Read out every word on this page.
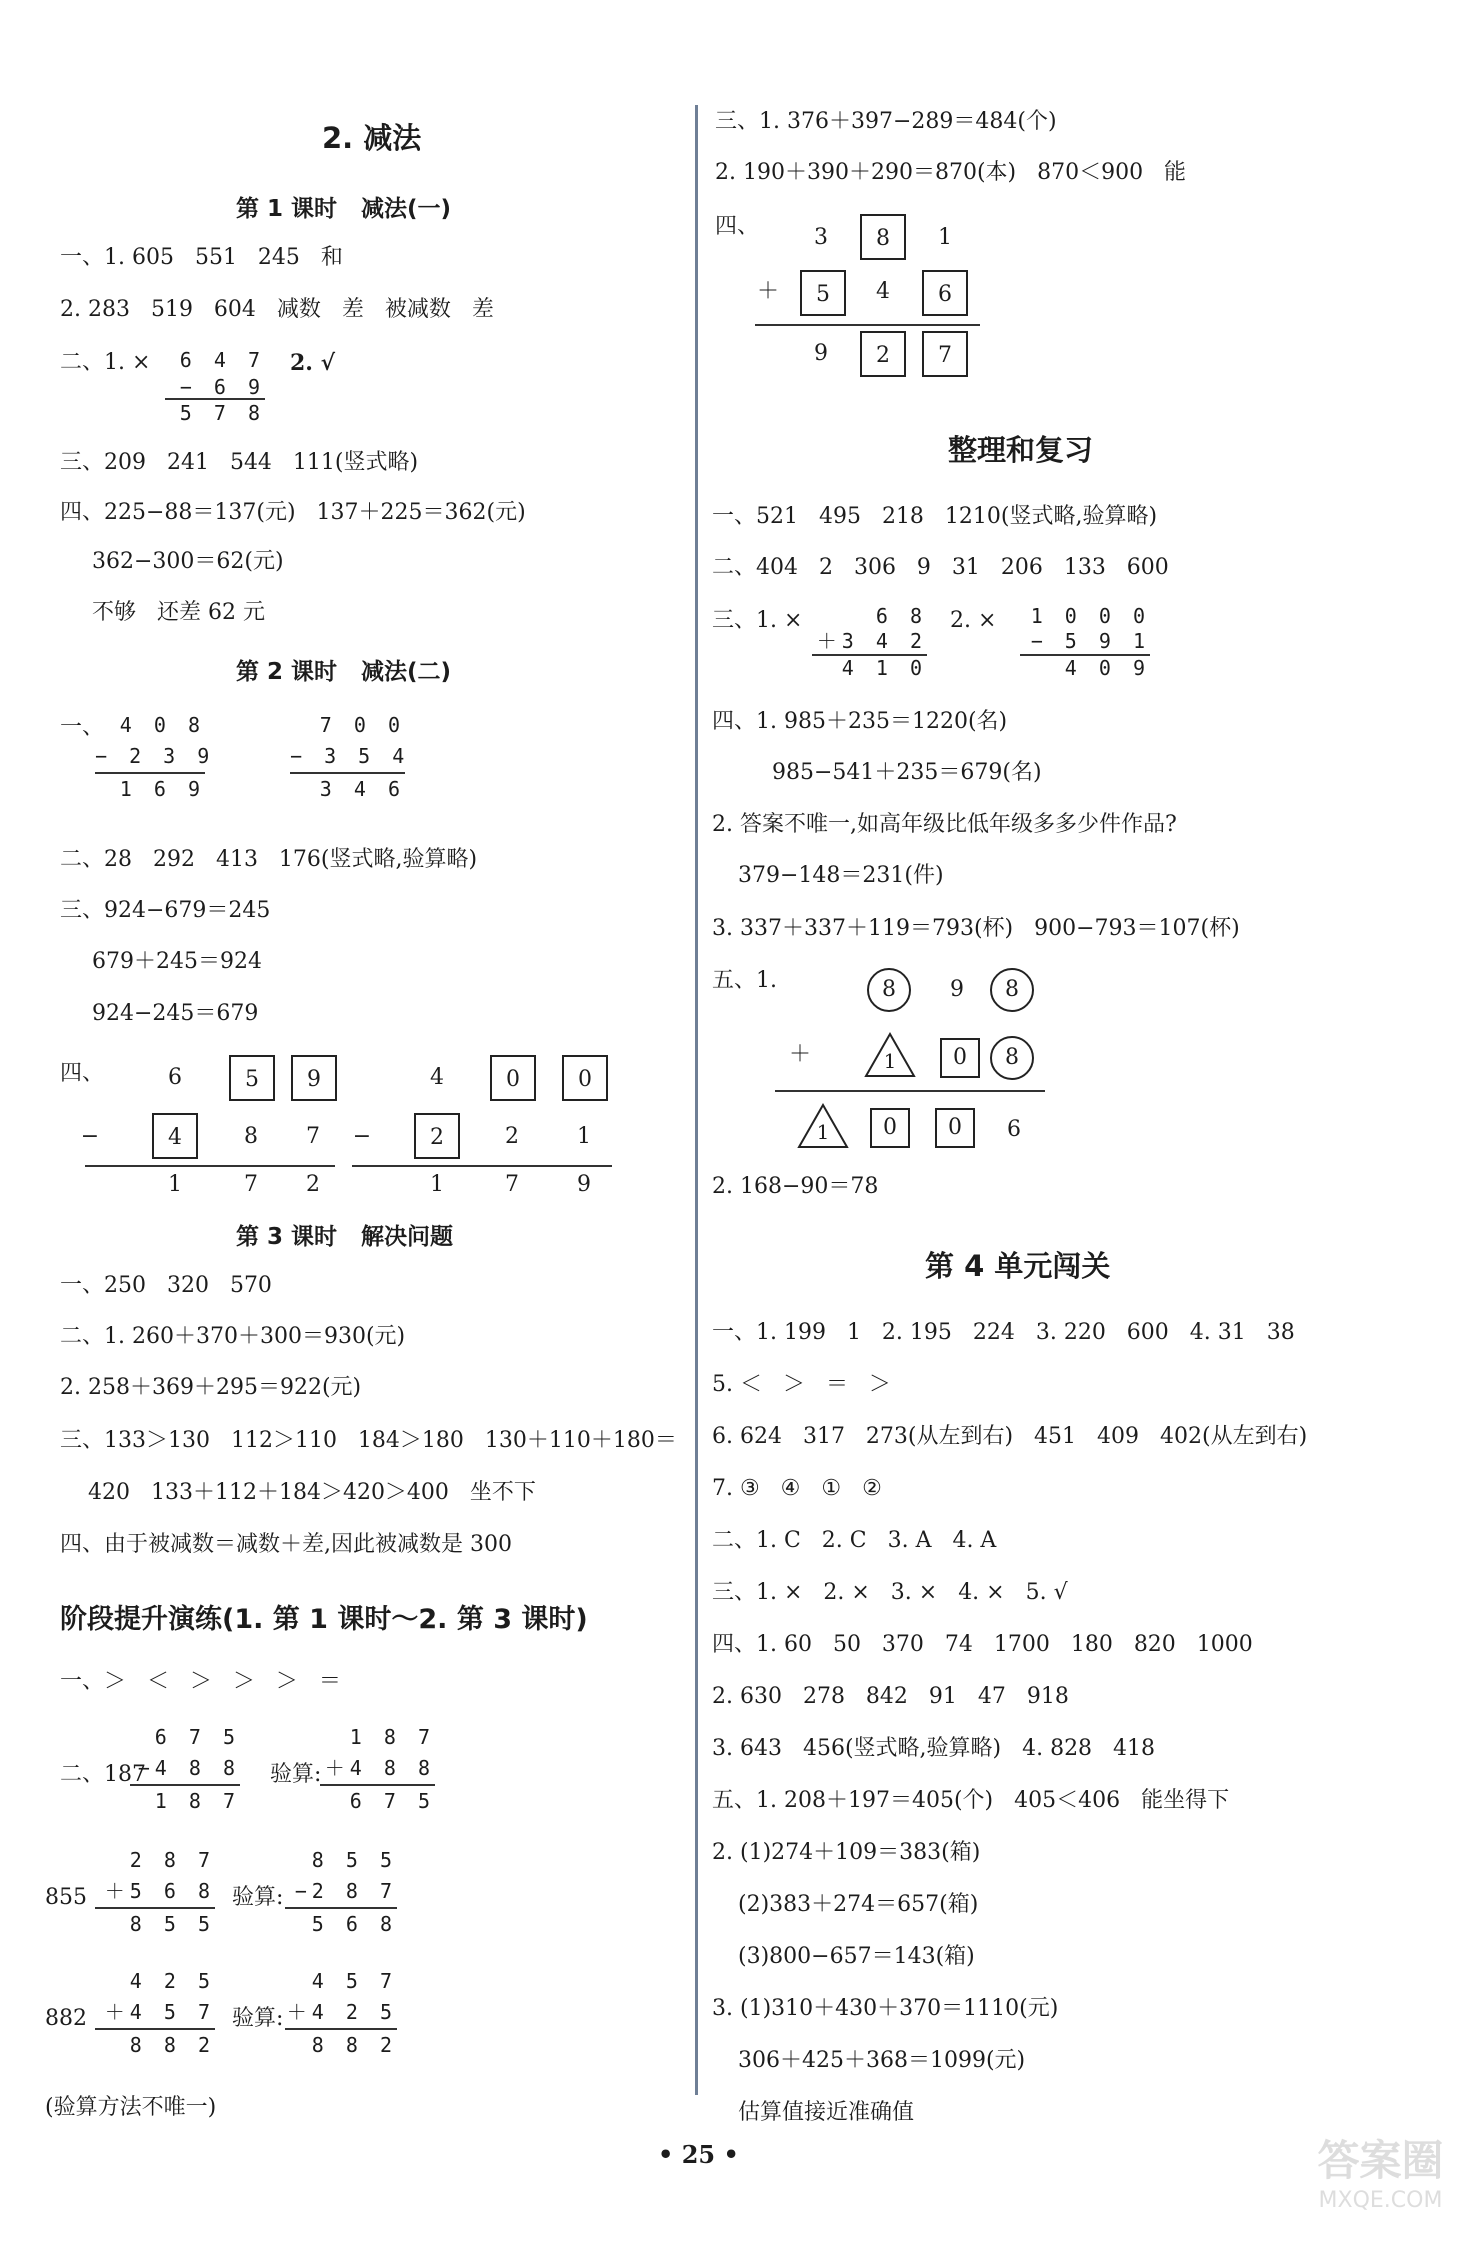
2. 减法
第 1 课时   减法(一)
一、1. 605   551   245   和
2. 283   519   604   减数   差   被减数   差
二、1. ×	6 4 7
− 6 9
5 7 8
2. √
三、209   241   544   111(竖式略)
四、225−88＝137(元)   137＋225＝362(元)
362−300＝62(元)
不够   还差 62 元
第 2 课时   减法(二)
一、 4 0 8
− 2 3 9
1 6 9
7 0 0
− 3 5 4
3 4 6
二、28   292   413   176(竖式略,验算略)
三、924−679＝245
679＋245＝924
924−245＝679
四、	6	5	9
−	4	8	7
1	7	2
4	0	0
−	2	2	1
1	7	9
第 3 课时   解决问题
一、250   320   570
二、1. 260＋370＋300＝930(元)
2. 258＋369＋295＝922(元)
三、133＞130   112＞110   184＞180   130＋110＋180＝
420   133＋112＋184＞420＞400   坐不下
四、由于被减数＝减数＋差,因此被减数是 300
阶段提升演练(1. 第 1 课时～2. 第 3 课时)
一、＞   ＜   ＞   ＞   ＞   ＝
二、187
6 7 5
−4 8 8
1 8 7
验算:
1 8 7
＋4 8 8
6 7 5
855
2 8 7
＋5 6 8
8 5 5
验算:
8 5 5
−2 8 7
5 6 8
882
4 2 5
＋4 5 7
8 8 2
验算:
4 5 7
＋4 2 5
8 8 2
(验算方法不唯一)
三、1. 376＋397−289＝484(个)
2. 190＋390＋290＝870(本)   870＜900   能
四、	3	8	1
＋	5	4	6
9	2	7
整理和复习
一、521   495   218   1210(竖式略,验算略)
二、404   2   306   9   31   206   133   600
三、1. ×	6 8
＋3 4 2
4 1 0
2. ×	1 0 0 0
− 5 9 1
4 0 9
四、1. 985＋235＝1220(名)
985−541＋235＝679(名)
2. 答案不唯一,如高年级比低年级多多少件作品?
379−148＝231(件)
3. 337＋337＋119＝793(杯)   900−793＝107(杯)
五、1.	8	9	8
＋	1	0	8
1	0	0	6
2. 168−90＝78
第 4 单元闯关
一、1. 199   1   2. 195   224   3. 220   600   4. 31   38
5. ＜   ＞   ＝   ＞
6. 624   317   273(从左到右)   451   409   402(从左到右)
7. ③   ④   ①   ②
二、1. C   2. C   3. A   4. A
三、1. ×   2. ×   3. ×   4. ×   5. √
四、1. 60   50   370   74   1700   180   820   1000
2. 630   278   842   91   47   918
3. 643   456(竖式略,验算略)   4. 828   418
五、1. 208＋197＝405(个)   405＜406   能坐得下
2. (1)274＋109＝383(箱)
(2)383＋274＝657(箱)
(3)800−657＝143(箱)
3. (1)310＋430＋370＝1110(元)
306＋425＋368＝1099(元)
估算值接近准确值
• 25 •	答案圈
MXQE.COM
